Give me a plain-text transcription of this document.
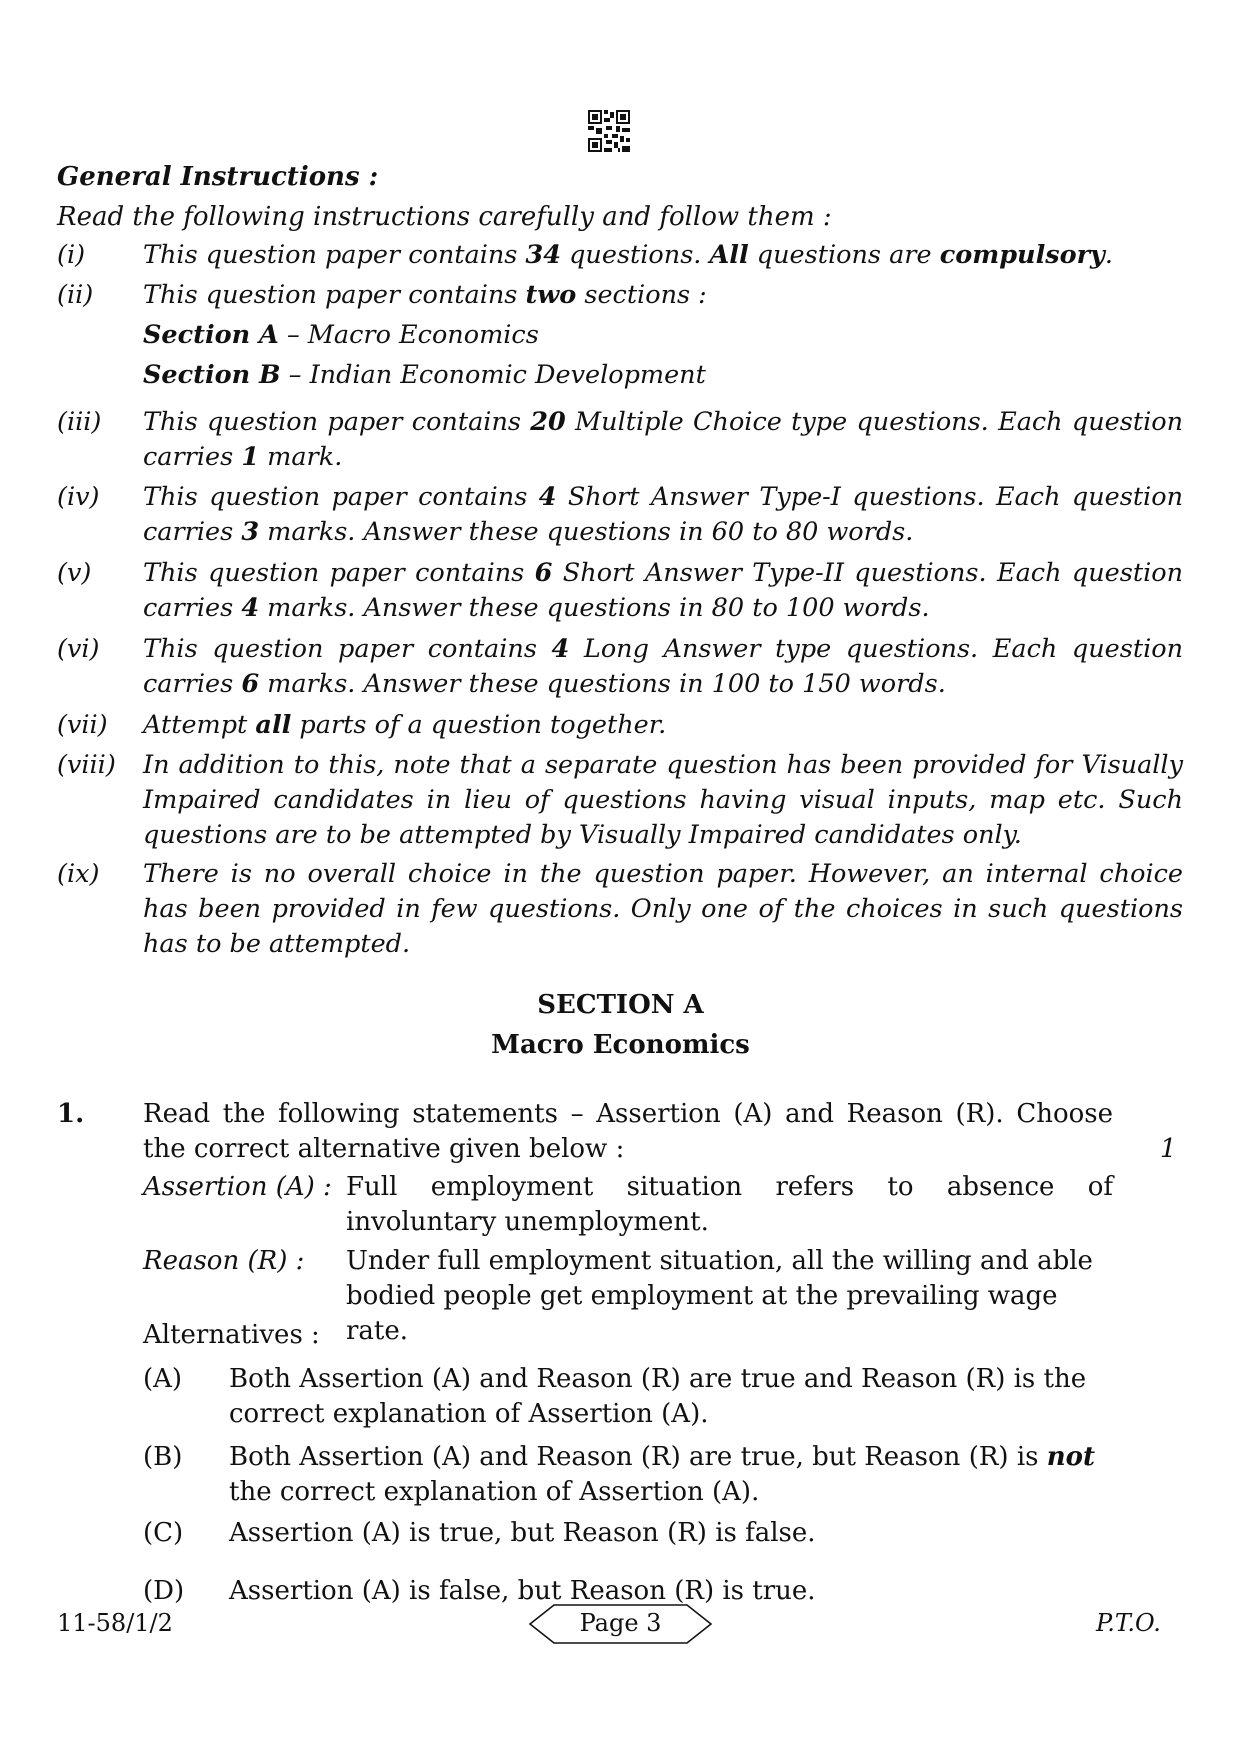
General Instructions :
Read the following instructions carefully and follow them :
(i) This question paper contains 34 questions. All questions are compulsory.
(ii) This question paper contains two sections :
Section A – Macro Economics
Section B – Indian Economic Development
(iii) This question paper contains 20 Multiple Choice type questions. Each question carries 1 mark.
(iv) This question paper contains 4 Short Answer Type-I questions. Each question carries 3 marks. Answer these questions in 60 to 80 words.
(v) This question paper contains 6 Short Answer Type-II questions. Each question carries 4 marks. Answer these questions in 80 to 100 words.
(vi) This question paper contains 4 Long Answer type questions. Each question carries 6 marks. Answer these questions in 100 to 150 words.
(vii) Attempt all parts of a question together.
(viii) In addition to this, note that a separate question has been provided for Visually Impaired candidates in lieu of questions having visual inputs, map etc. Such questions are to be attempted by Visually Impaired candidates only.
(ix) There is no overall choice in the question paper. However, an internal choice has been provided in few questions. Only one of the choices in such questions has to be attempted.
SECTION A
Macro Economics
1. Read the following statements – Assertion (A) and Reason (R). Choose the correct alternative given below :	1
Assertion (A) : Full employment situation refers to absence of involuntary unemployment.
Reason (R) : Under full employment situation, all the willing and able bodied people get employment at the prevailing wage rate.
Alternatives :
(A) Both Assertion (A) and Reason (R) are true and Reason (R) is the correct explanation of Assertion (A).
(B) Both Assertion (A) and Reason (R) are true, but Reason (R) is not the correct explanation of Assertion (A).
(C) Assertion (A) is true, but Reason (R) is false.
(D) Assertion (A) is false, but Reason (R) is true.
11-58/1/2	Page 3	P.T.O.
